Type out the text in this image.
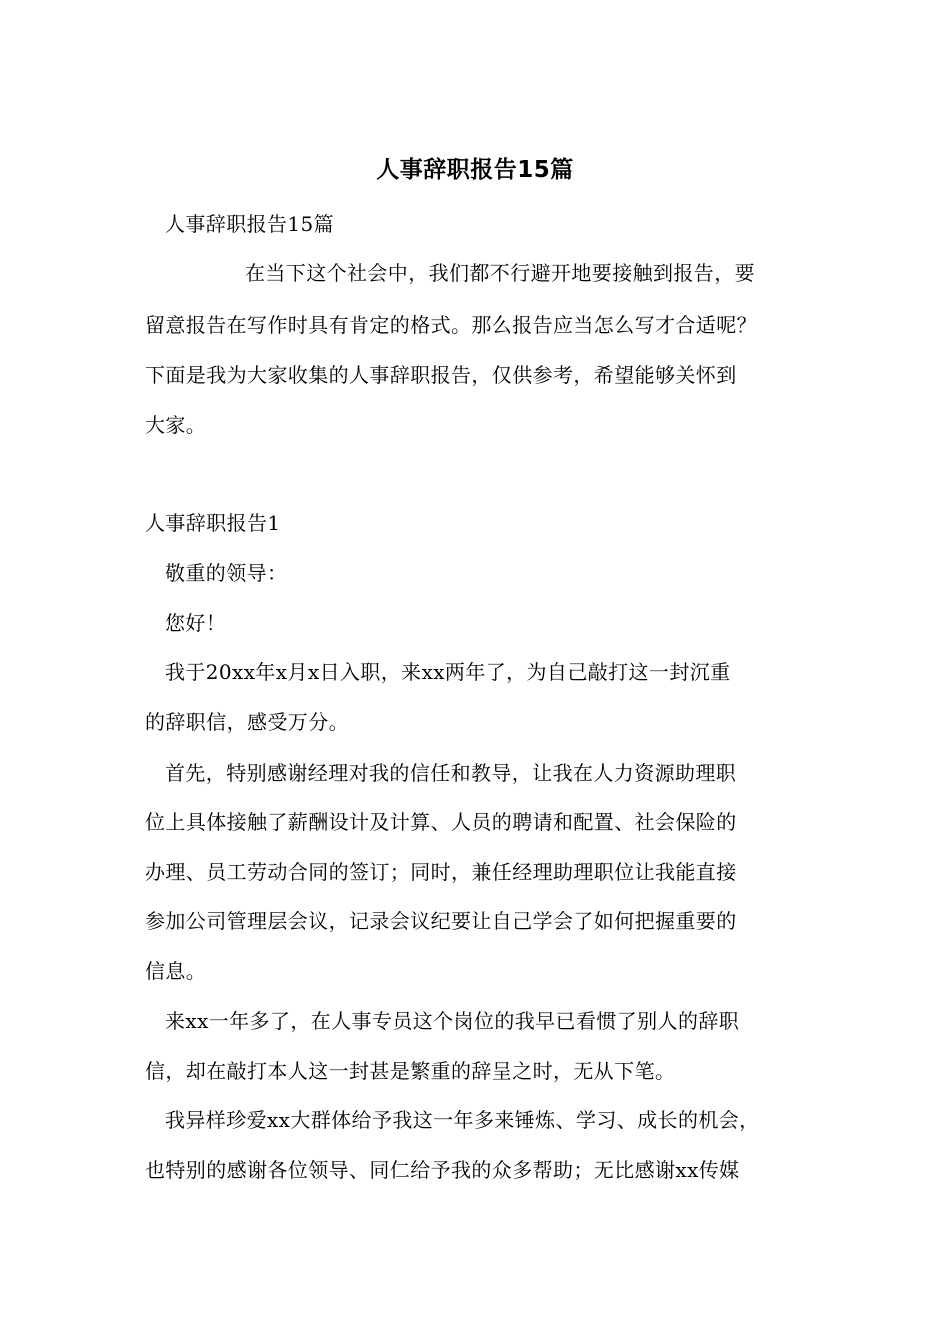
人事辞职报告15篇
人事辞职报告15篇
在当下这个社会中，我们都不行避开地要接触到报告，要
留意报告在写作时具有肯定的格式。那么报告应当怎么写才合适呢？
下面是我为大家收集的人事辞职报告，仅供参考，希望能够关怀到
大家。
人事辞职报告1
敬重的领导：
您好！
我于20xx年x月x日入职，来xx两年了，为自己敲打这一封沉重
的辞职信，感受万分。
首先，特别感谢经理对我的信任和教导，让我在人力资源助理职
位上具体接触了薪酬设计及计算、人员的聘请和配置、社会保险的
办理、员工劳动合同的签订；同时，兼任经理助理职位让我能直接
参加公司管理层会议，记录会议纪要让自己学会了如何把握重要的
信息。
来xx一年多了，在人事专员这个岗位的我早已看惯了别人的辞职
信，却在敲打本人这一封甚是繁重的辞呈之时，无从下笔。
我异样珍爱xx大群体给予我这一年多来锤炼、学习、成长的机会，
也特别的感谢各位领导、同仁给予我的众多帮助；无比感谢xx传媒
